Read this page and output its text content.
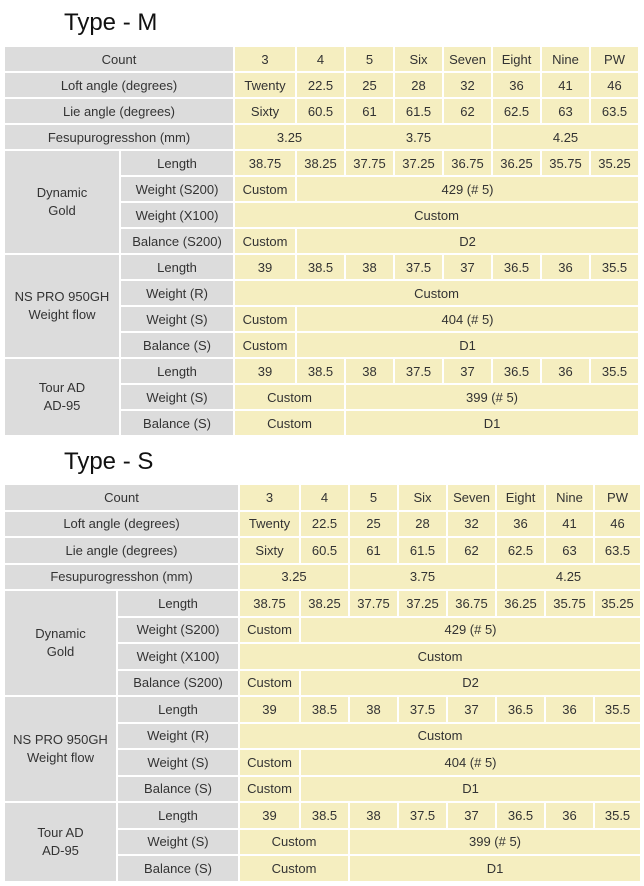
Type - M
Count		3	4	5	Six	Seven	Eight	Nine	PW
Loft angle (degrees)		Twenty	22.5	25	28	32	36	41	46
Lie angle (degrees)		Sixty	60.5	61	61.5	62	62.5	63	63.5
Fesupurogresshon (mm)		3.25		3.75			4.25		
Dynamic
Gold	Length	38.75	38.25	37.75	37.25	36.75	36.25	35.75	35.25
	Weight (S200)	Custom	429 (# 5)						
	Weight (X100)	Custom							
	Balance (S200)	Custom	D2						
NS PRO 950GH
Weight flow	Length	39	38.5	38	37.5	37	36.5	36	35.5
	Weight (R)	Custom							
	Weight (S)	Custom	404 (# 5)						
	Balance (S)	Custom	D1						
Tour AD
AD-95	Length	39	38.5	38	37.5	37	36.5	36	35.5
	Weight (S)	Custom		399 (# 5)					
	Balance (S)	Custom		D1					
Type - S
Count		3	4	5	Six	Seven	Eight	Nine	PW
Loft angle (degrees)		Twenty	22.5	25	28	32	36	41	46
Lie angle (degrees)		Sixty	60.5	61	61.5	62	62.5	63	63.5
Fesupurogresshon (mm)		3.25		3.75			4.25		
Dynamic
Gold	Length	38.75	38.25	37.75	37.25	36.75	36.25	35.75	35.25
	Weight (S200)	Custom	429 (# 5)						
	Weight (X100)	Custom							
	Balance (S200)	Custom	D2						
NS PRO 950GH
Weight flow	Length	39	38.5	38	37.5	37	36.5	36	35.5
	Weight (R)	Custom							
	Weight (S)	Custom	404 (# 5)						
	Balance (S)	Custom	D1						
Tour AD
AD-95	Length	39	38.5	38	37.5	37	36.5	36	35.5
	Weight (S)	Custom		399 (# 5)					
	Balance (S)	Custom		D1					
